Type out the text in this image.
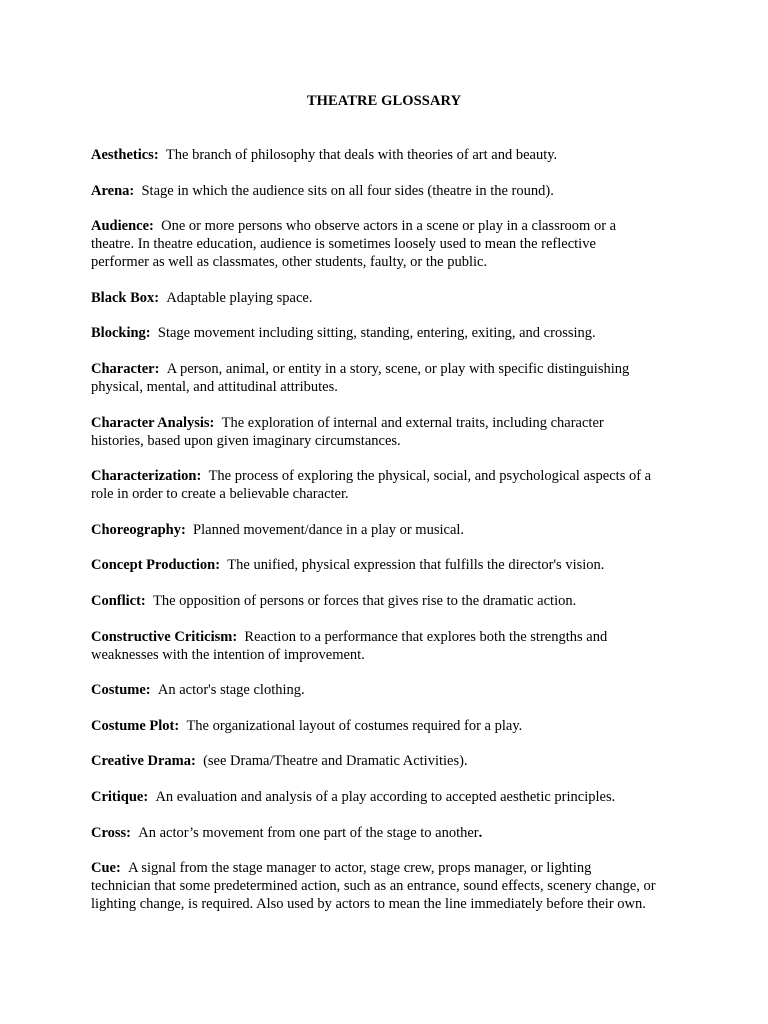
THEATRE GLOSSARY
Aesthetics: The branch of philosophy that deals with theories of art and beauty.
Arena: Stage in which the audience sits on all four sides (theatre in the round).
Audience: One or more persons who observe actors in a scene or play in a classroom or a
theatre. In theatre education, audience is sometimes loosely used to mean the reflective
performer as well as classmates, other students, faulty, or the public.
Black Box: Adaptable playing space.
Blocking: Stage movement including sitting, standing, entering, exiting, and crossing.
Character: A person, animal, or entity in a story, scene, or play with specific distinguishing
physical, mental, and attitudinal attributes.
Character Analysis: The exploration of internal and external traits, including character
histories, based upon given imaginary circumstances.
Characterization: The process of exploring the physical, social, and psychological aspects of a
role in order to create a believable character.
Choreography: Planned movement/dance in a play or musical.
Concept Production: The unified, physical expression that fulfills the director's vision.
Conflict: The opposition of persons or forces that gives rise to the dramatic action.
Constructive Criticism: Reaction to a performance that explores both the strengths and
weaknesses with the intention of improvement.
Costume: An actor's stage clothing.
Costume Plot: The organizational layout of costumes required for a play.
Creative Drama: (see Drama/Theatre and Dramatic Activities).
Critique: An evaluation and analysis of a play according to accepted aesthetic principles.
Cross: An actor’s movement from one part of the stage to another.
Cue: A signal from the stage manager to actor, stage crew, props manager, or lighting
technician that some predetermined action, such as an entrance, sound effects, scenery change, or
lighting change, is required. Also used by actors to mean the line immediately before their own.
